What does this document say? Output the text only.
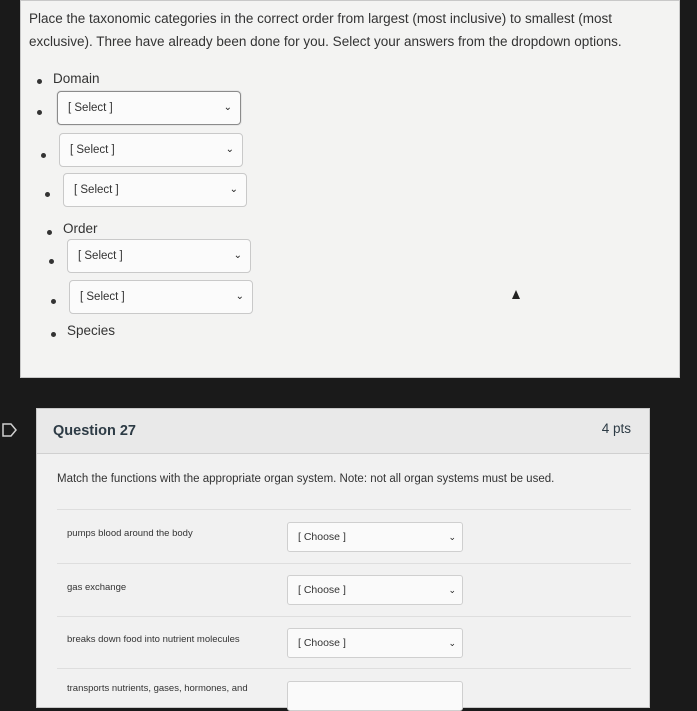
Place the taxonomic categories in the correct order from largest (most inclusive) to smallest (most exclusive). Three have already been done for you. Select your answers from the dropdown options.
Domain
[ Select ]	⌄
[ Select ]	⌄
[ Select ]	⌄
Order
[ Select ]	⌄
[ Select ]	⌄
Species
Question 27	4 pts
Match the functions with the appropriate organ system. Note: not all organ systems must be used.
pumps blood around the body	[ Choose ]	⌄
gas exchange	[ Choose ]	⌄
breaks down food into nutrient molecules	[ Choose ]	⌄
transports nutrients, gases, hormones, and
